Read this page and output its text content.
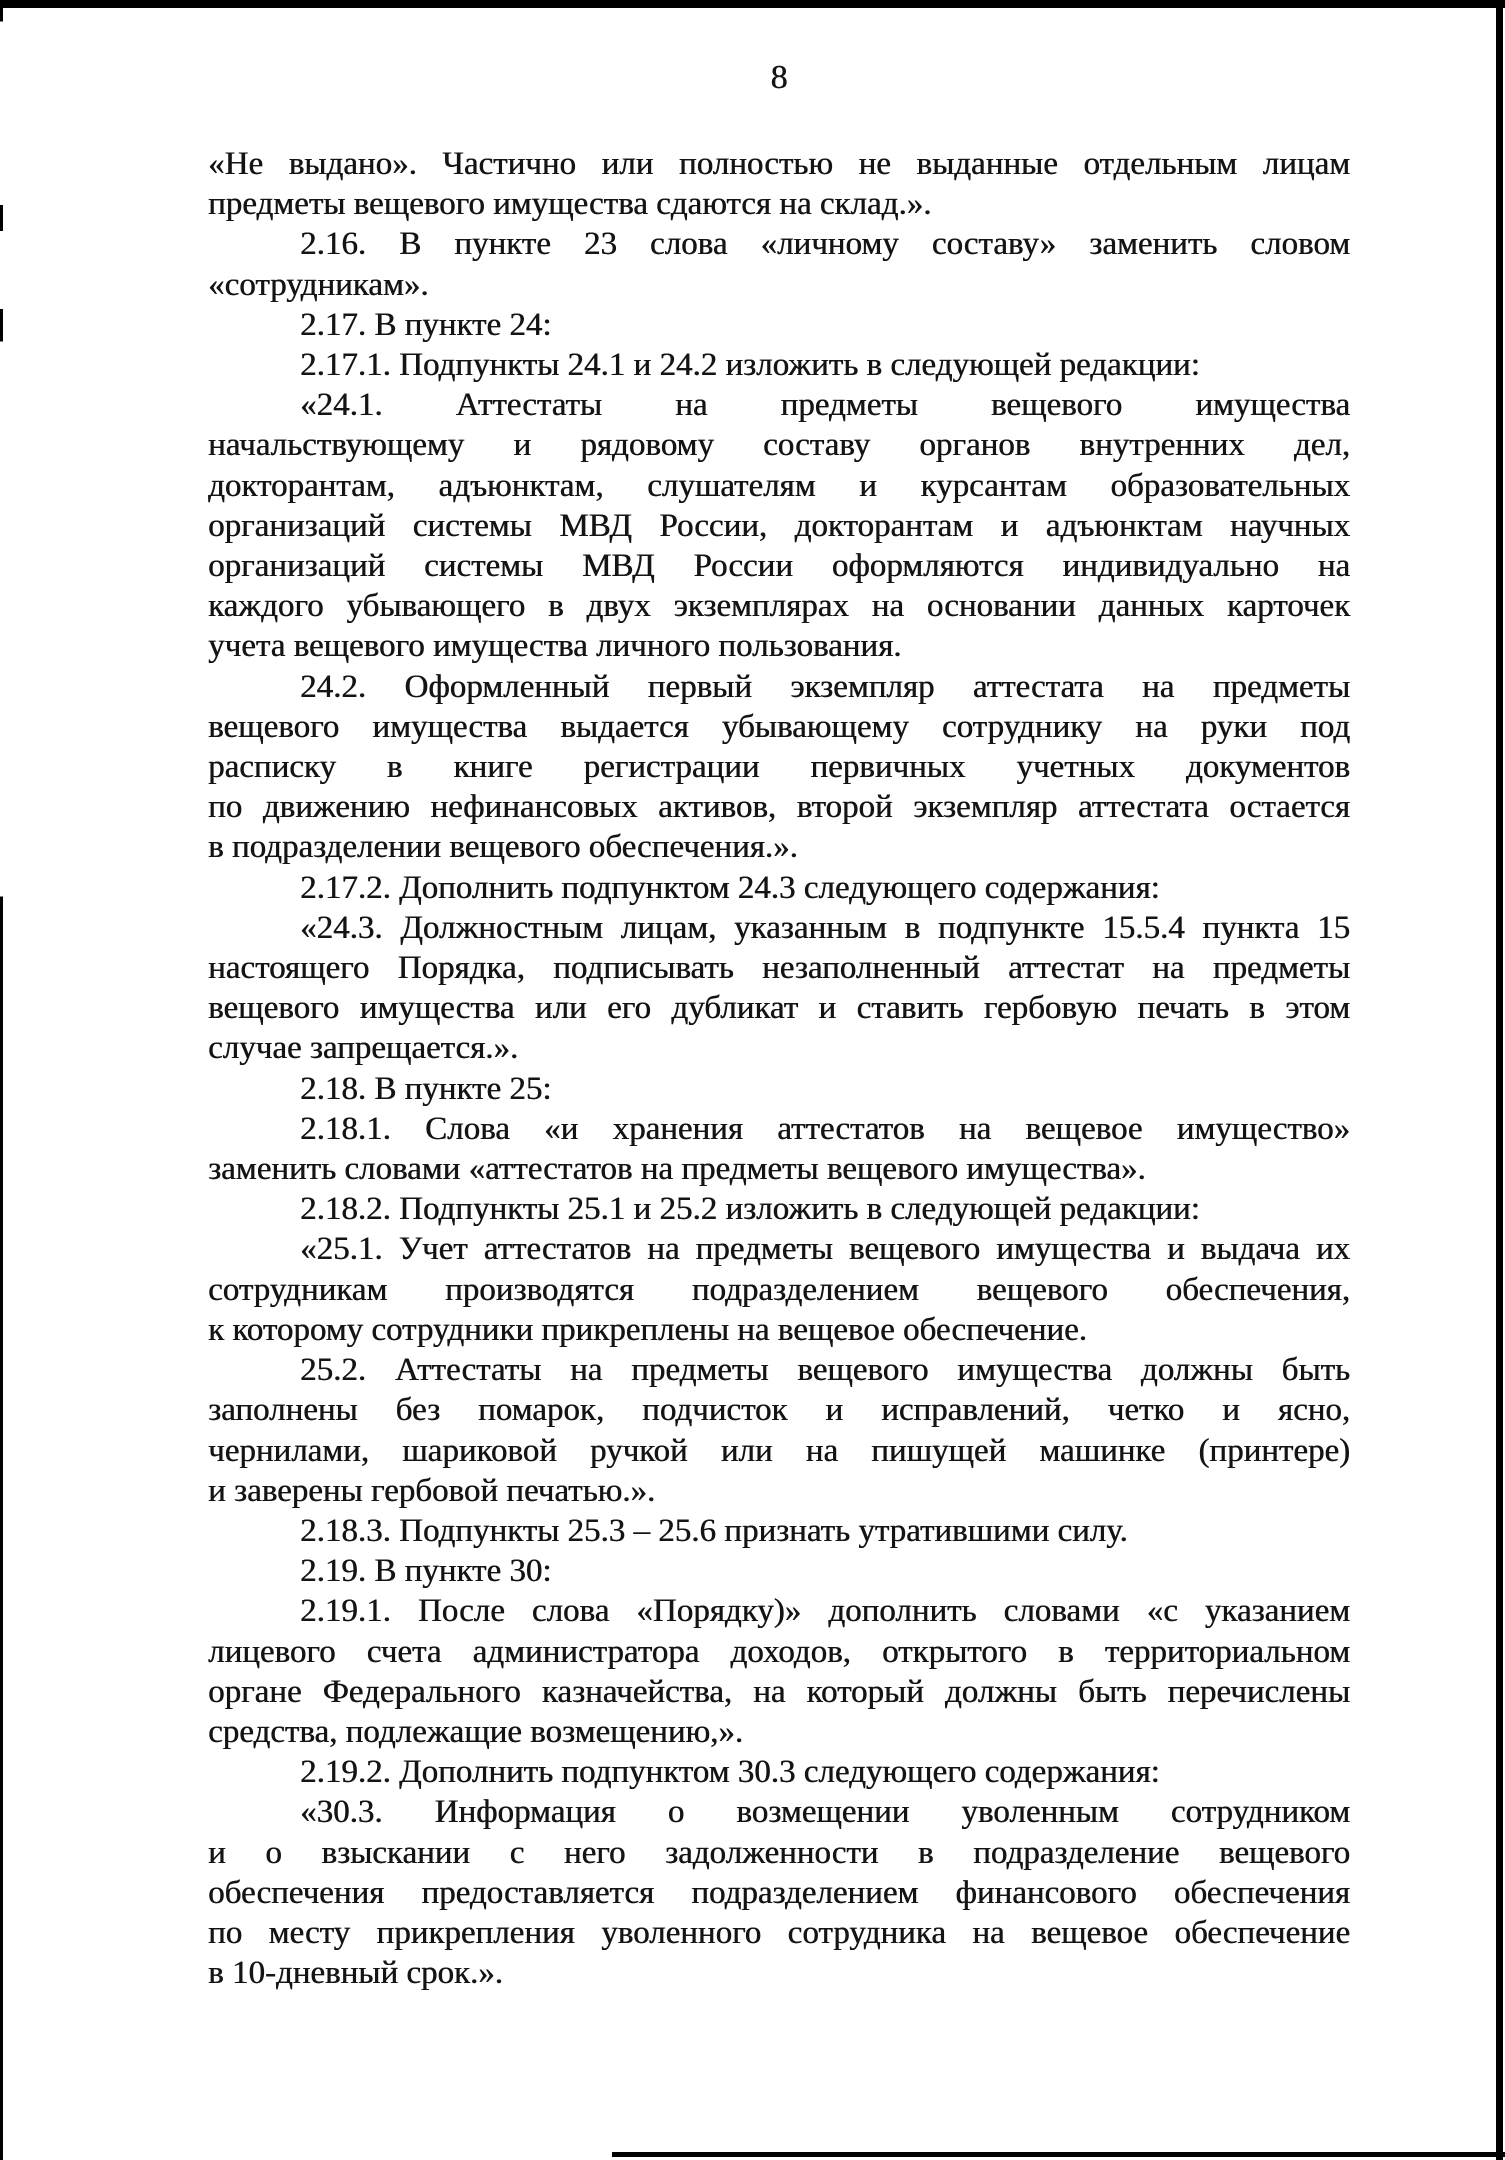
8
«Не выдано». Частично или полностью не выданные отдельным лицам
предметы вещевого имущества сдаются на склад.».
2.16. В пункте 23 слова «личному составу» заменить словом
«сотрудникам».
2.17. В пункте 24:
2.17.1. Подпункты 24.1 и 24.2 изложить в следующей редакции:
«24.1. Аттестаты на предметы вещевого имущества
начальствующему и рядовому составу органов внутренних дел,
докторантам, адъюнктам, слушателям и курсантам образовательных
организаций системы МВД России, докторантам и адъюнктам научных
организаций системы МВД России оформляются индивидуально на
каждого убывающего в двух экземплярах на основании данных карточек
учета вещевого имущества личного пользования.
24.2. Оформленный первый экземпляр аттестата на предметы
вещевого имущества выдается убывающему сотруднику на руки под
расписку в книге регистрации первичных учетных документов
по движению нефинансовых активов, второй экземпляр аттестата остается
в подразделении вещевого обеспечения.».
2.17.2. Дополнить подпунктом 24.3 следующего содержания:
«24.3. Должностным лицам, указанным в подпункте 15.5.4 пункта 15
настоящего Порядка, подписывать незаполненный аттестат на предметы
вещевого имущества или его дубликат и ставить гербовую печать в этом
случае запрещается.».
2.18. В пункте 25:
2.18.1. Слова «и хранения аттестатов на вещевое имущество»
заменить словами «аттестатов на предметы вещевого имущества».
2.18.2. Подпункты 25.1 и 25.2 изложить в следующей редакции:
«25.1. Учет аттестатов на предметы вещевого имущества и выдача их
сотрудникам производятся подразделением вещевого обеспечения,
к которому сотрудники прикреплены на вещевое обеспечение.
25.2. Аттестаты на предметы вещевого имущества должны быть
заполнены без помарок, подчисток и исправлений, четко и ясно,
чернилами, шариковой ручкой или на пишущей машинке (принтере)
и заверены гербовой печатью.».
2.18.3. Подпункты 25.3 – 25.6 признать утратившими силу.
2.19. В пункте 30:
2.19.1. После слова «Порядку)» дополнить словами «с указанием
лицевого счета администратора доходов, открытого в территориальном
органе Федерального казначейства, на который должны быть перечислены
средства, подлежащие возмещению,».
2.19.2. Дополнить подпунктом 30.3 следующего содержания:
«30.3. Информация о возмещении уволенным сотрудником
и о взыскании с него задолженности в подразделение вещевого
обеспечения предоставляется подразделением финансового обеспечения
по месту прикрепления уволенного сотрудника на вещевое обеспечение
в 10-дневный срок.».
